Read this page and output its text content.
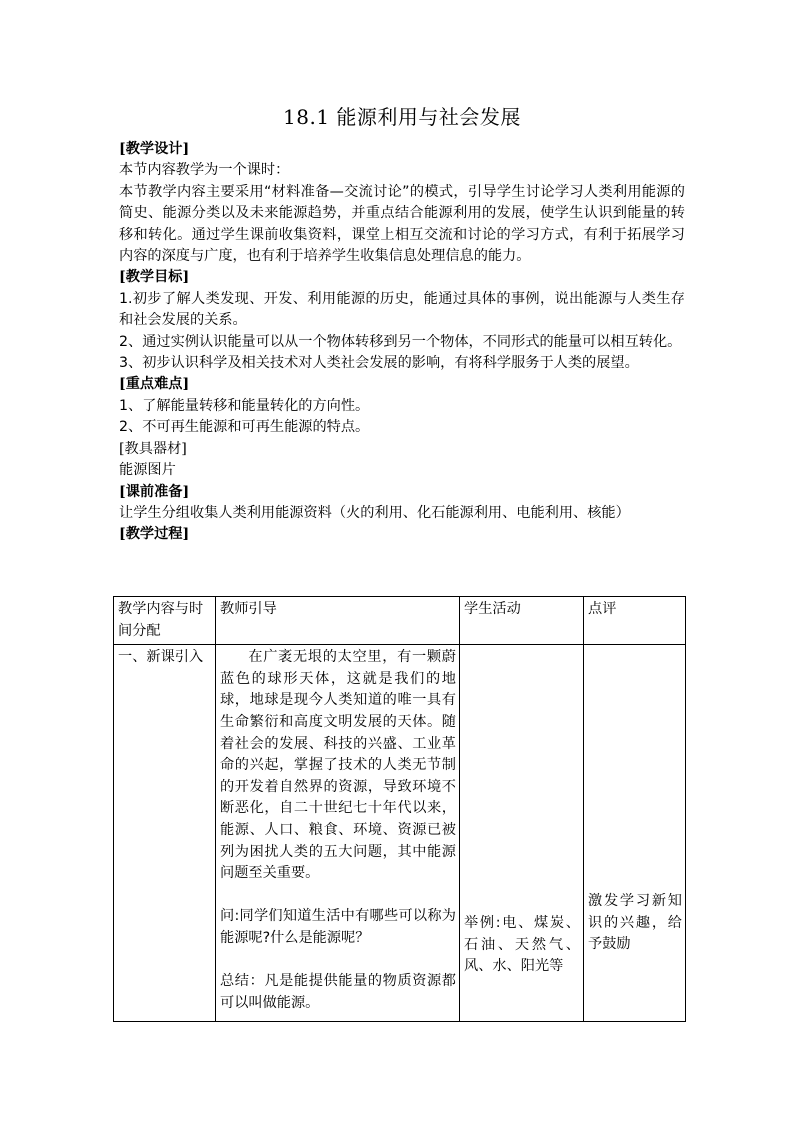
18.1 能源利用与社会发展

[教学设计]

本节内容教学为一个课时：

本节教学内容主要采用“材料准备—交流讨论”的模式，引导学生讨论学习人类利用能源的简史、能源分类以及未来能源趋势，并重点结合能源利用的发展，使学生认识到能量的转移和转化。通过学生课前收集资料，课堂上相互交流和讨论的学习方式，有利于拓展学习内容的深度与广度，也有利于培养学生收集信息处理信息的能力。

[教学目标]

1.初步了解人类发现、开发、利用能源的历史，能通过具体的事例，说出能源与人类生存和社会发展的关系。

2、通过实例认识能量可以从一个物体转移到另一个物体，不同形式的能量可以相互转化。

3、初步认识科学及相关技术对人类社会发展的影响，有将科学服务于人类的展望。

[重点难点]

1、了解能量转移和能量转化的方向性。

2、不可再生能源和可再生能源的特点。

[教具器材]

能源图片

[课前准备]

让学生分组收集人类利用能源资料（火的利用、化石能源利用、电能利用、核能）

[教学过程]

教学内容与时间分配	教师引导	学生活动	点评
一、新课引入	在广袤无垠的太空里，有一颗蔚蓝色的球形天体，这就是我们的地球，地球是现今人类知道的唯一具有生命繁衍和高度文明发展的天体。随着社会的发展、科技的兴盛、工业革命的兴起，掌握了技术的人类无节制的开发着自然界的资源，导致环境不断恶化，自二十世纪七十年代以来，能源、人口、粮食、环境、资源已被列为困扰人类的五大问题，其中能源问题至关重要。

问:同学们知道生活中有哪些可以称为能源呢?什么是能源呢？

总结：凡是能提供能量的物质资源都可以叫做能源。	举例:电、煤炭、石油、天然气、风、水、阳光等	激发学习新知识的兴趣，给予鼓励
